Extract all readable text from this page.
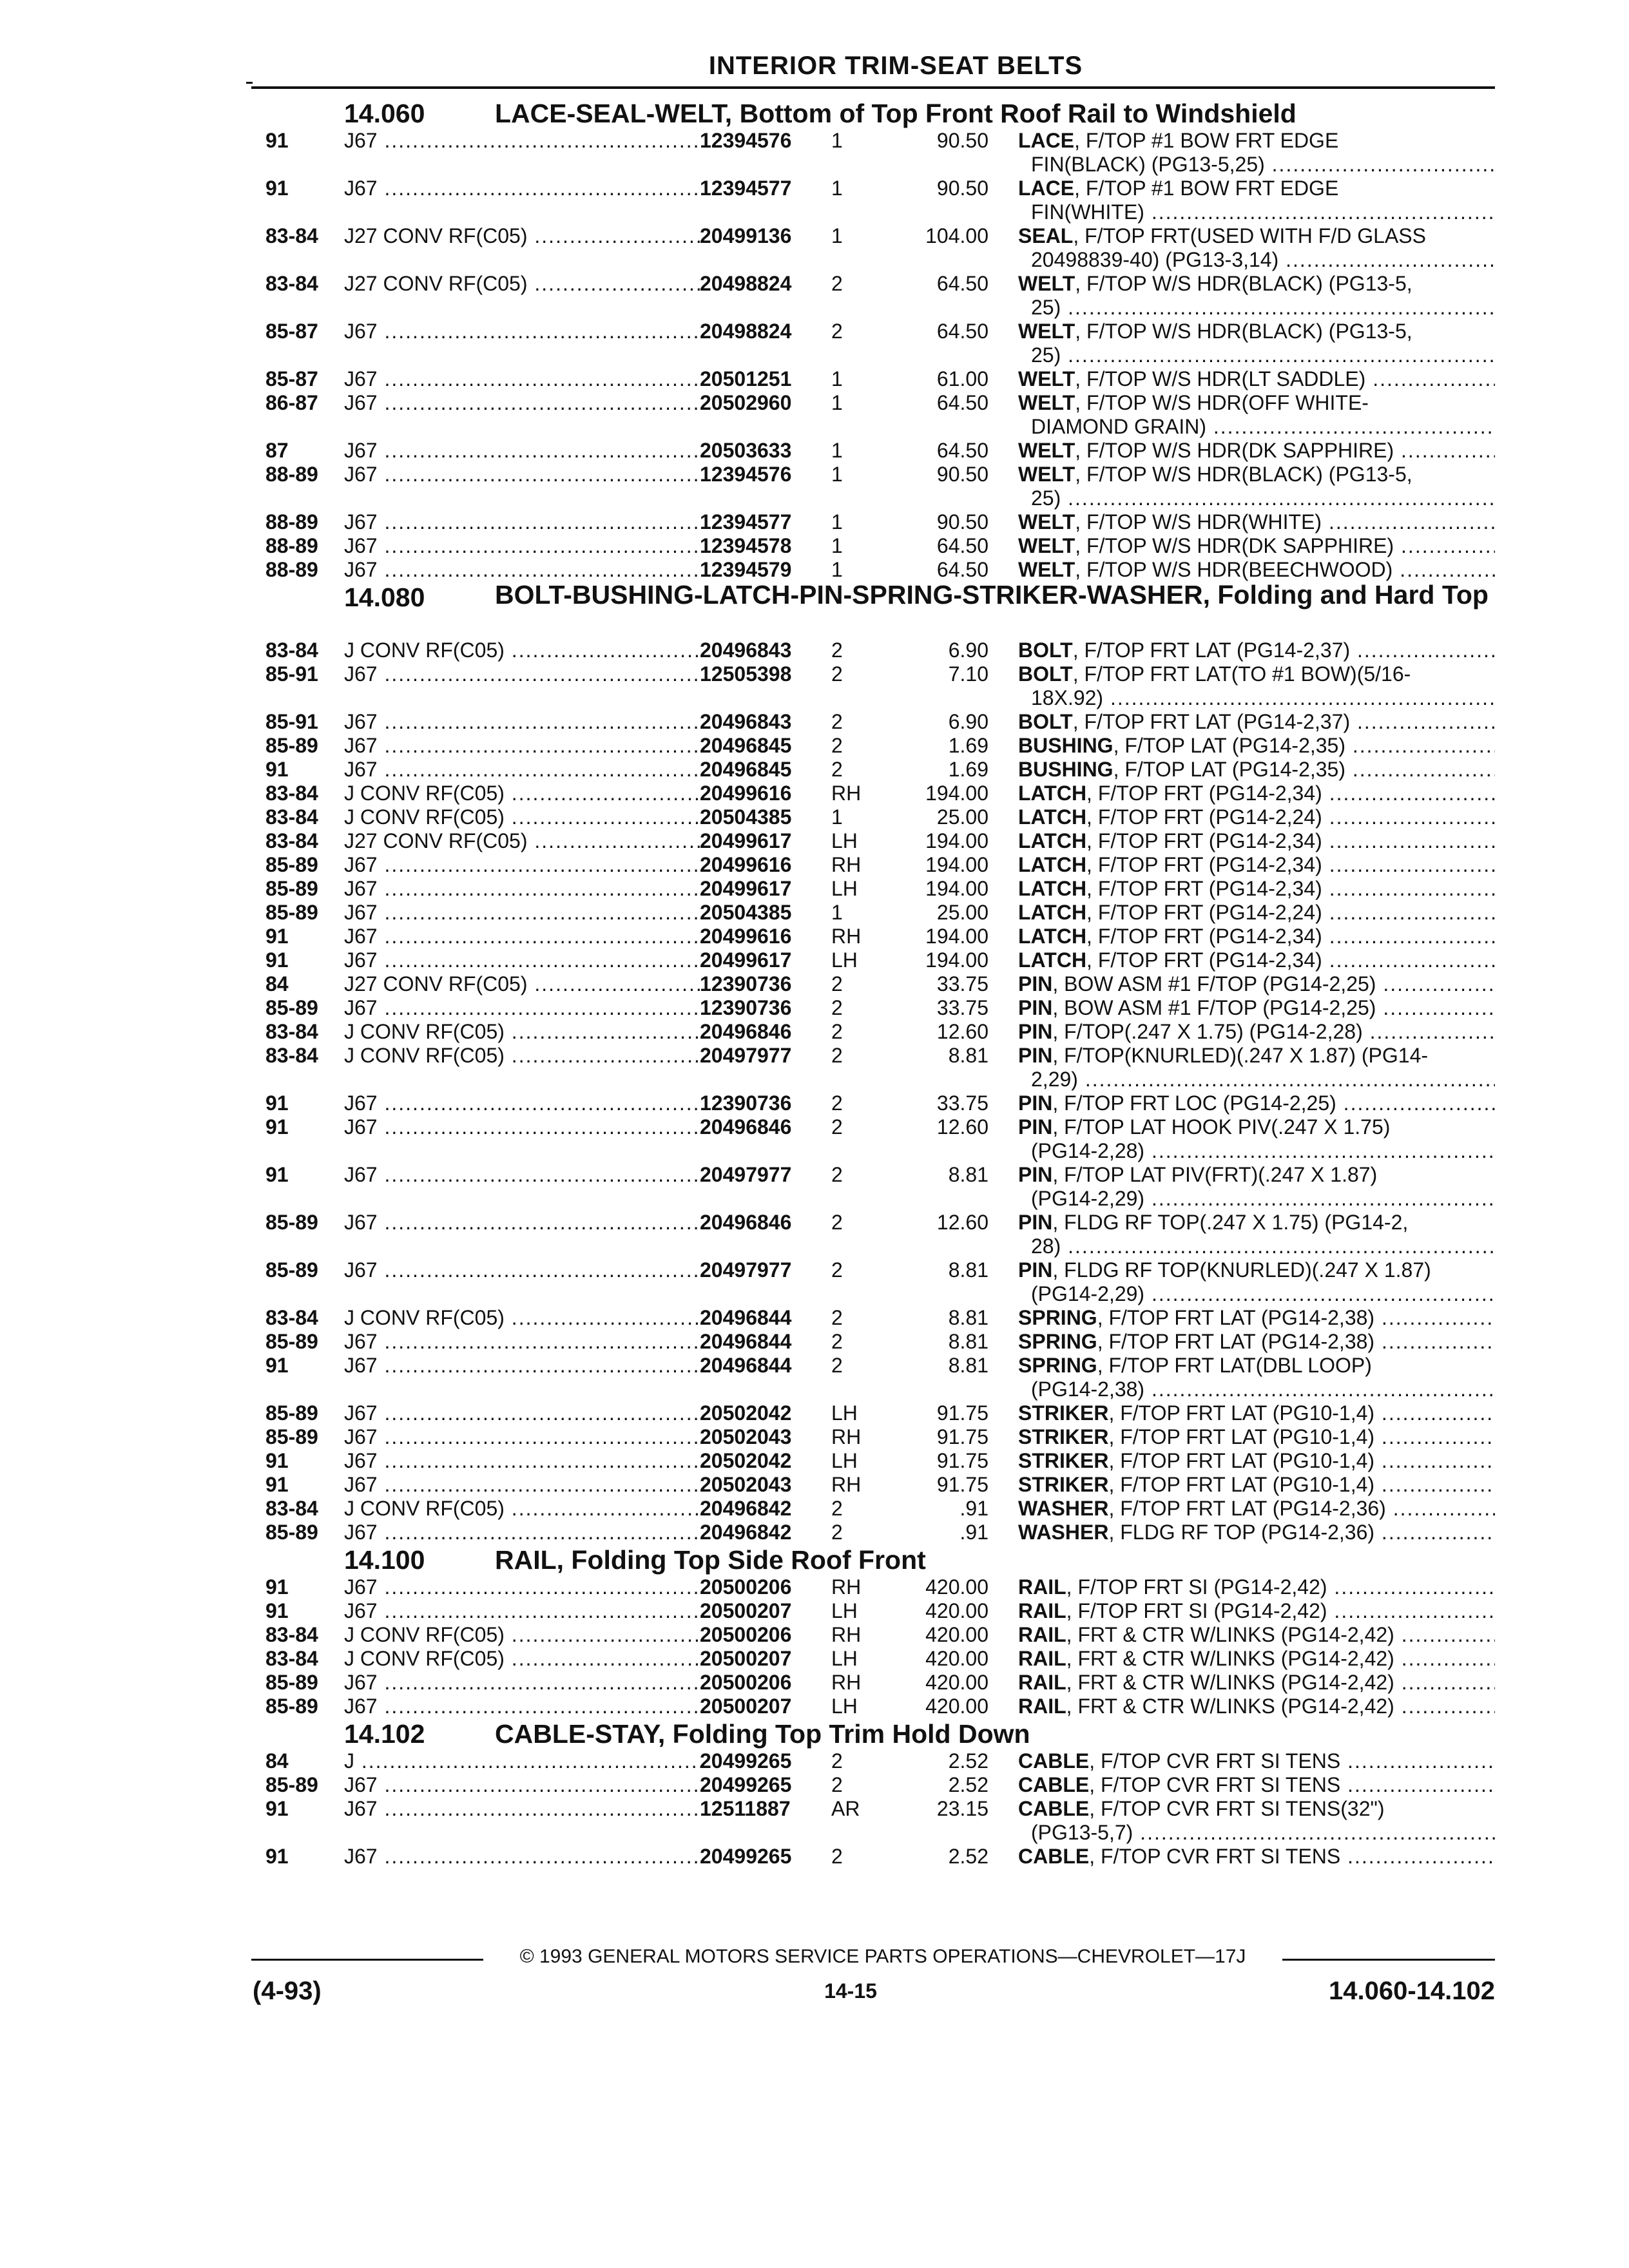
INTERIOR TRIM-SEAT BELTS
14.060	LACE-SEAL-WELT, Bottom of Top Front Roof Rail to Windshield
91	J67 .....	12394576	1	90.50 LACE, F/TOP #1 BOW FRT EDGE
FIN(BLACK) (PG13-5,25) .....
91	J67 .....	12394577	1	90.50 LACE, F/TOP #1 BOW FRT EDGE
FIN(WHITE) .....
83-84	J27 CONV RF(C05) .....	20499136	1	104.00 SEAL, F/TOP FRT(USED WITH F/D GLASS
20498839-40) (PG13-3,14) .....
83-84	J27 CONV RF(C05) .....	20498824	2	64.50 WELT, F/TOP W/S HDR(BLACK) (PG13-5,
25) .....
85-87	J67 .....	20498824	2	64.50 WELT, F/TOP W/S HDR(BLACK) (PG13-5,
25) .....
85-87	J67 .....	20501251	1	61.00 WELT, F/TOP W/S HDR(LT SADDLE) .....
86-87	J67 .....	20502960	1	64.50 WELT, F/TOP W/S HDR(OFF WHITE-
DIAMOND GRAIN) .....
87	J67 .....	20503633	1	64.50 WELT, F/TOP W/S HDR(DK SAPPHIRE) .....
88-89	J67 .....	12394576	1	90.50 WELT, F/TOP W/S HDR(BLACK) (PG13-5,
25) .....
88-89	J67 .....	12394577	1	90.50 WELT, F/TOP W/S HDR(WHITE) .....
88-89	J67 .....	12394578	1	64.50 WELT, F/TOP W/S HDR(DK SAPPHIRE) .....
88-89	J67 .....	12394579	1	64.50 WELT, F/TOP W/S HDR(BEECHWOOD) .....
14.080	BOLT-BUSHING-LATCH-PIN-SPRING-STRIKER-WASHER, Folding and Hard Top
83-84	J CONV RF(C05) .....	20496843	2	6.90 BOLT, F/TOP FRT LAT (PG14-2,37) .....
85-91	J67 .....	12505398	2	7.10 BOLT, F/TOP FRT LAT(TO #1 BOW)(5/16-
18X.92) .....
85-91	J67 .....	20496843	2	6.90 BOLT, F/TOP FRT LAT (PG14-2,37) .....
85-89	J67 .....	20496845	2	1.69 BUSHING, F/TOP LAT (PG14-2,35) .....
91	J67 .....	20496845	2	1.69 BUSHING, F/TOP LAT (PG14-2,35) .....
83-84	J CONV RF(C05) .....	20499616	RH	194.00 LATCH, F/TOP FRT (PG14-2,34) .....
83-84	J CONV RF(C05) .....	20504385	1	25.00 LATCH, F/TOP FRT (PG14-2,24) .....
83-84	J27 CONV RF(C05) .....	20499617	LH	194.00 LATCH, F/TOP FRT (PG14-2,34) .....
85-89	J67 .....	20499616	RH	194.00 LATCH, F/TOP FRT (PG14-2,34) .....
85-89	J67 .....	20499617	LH	194.00 LATCH, F/TOP FRT (PG14-2,34) .....
85-89	J67 .....	20504385	1	25.00 LATCH, F/TOP FRT (PG14-2,24) .....
91	J67 .....	20499616	RH	194.00 LATCH, F/TOP FRT (PG14-2,34) .....
91	J67 .....	20499617	LH	194.00 LATCH, F/TOP FRT (PG14-2,34) .....
84	J27 CONV RF(C05) .....	12390736	2	33.75 PIN, BOW ASM #1 F/TOP (PG14-2,25) .....
85-89	J67 .....	12390736	2	33.75 PIN, BOW ASM #1 F/TOP (PG14-2,25) .....
83-84	J CONV RF(C05) .....	20496846	2	12.60 PIN, F/TOP(.247 X 1.75) (PG14-2,28) .....
83-84	J CONV RF(C05) .....	20497977	2	8.81 PIN, F/TOP(KNURLED)(.247 X 1.87) (PG14-
2,29) .....
91	J67 .....	12390736	2	33.75 PIN, F/TOP FRT LOC (PG14-2,25) .....
91	J67 .....	20496846	2	12.60 PIN, F/TOP LAT HOOK PIV(.247 X 1.75)
(PG14-2,28) .....
91	J67 .....	20497977	2	8.81 PIN, F/TOP LAT PIV(FRT)(.247 X 1.87)
(PG14-2,29) .....
85-89	J67 .....	20496846	2	12.60 PIN, FLDG RF TOP(.247 X 1.75) (PG14-2,
28) .....
85-89	J67 .....	20497977	2	8.81 PIN, FLDG RF TOP(KNURLED)(.247 X 1.87)
(PG14-2,29) .....
83-84	J CONV RF(C05) .....	20496844	2	8.81 SPRING, F/TOP FRT LAT (PG14-2,38) .....
85-89	J67 .....	20496844	2	8.81 SPRING, F/TOP FRT LAT (PG14-2,38) .....
91	J67 .....	20496844	2	8.81 SPRING, F/TOP FRT LAT(DBL LOOP)
(PG14-2,38) .....
85-89	J67 .....	20502042	LH	91.75 STRIKER, F/TOP FRT LAT (PG10-1,4) .....
85-89	J67 .....	20502043	RH	91.75 STRIKER, F/TOP FRT LAT (PG10-1,4) .....
91	J67 .....	20502042	LH	91.75 STRIKER, F/TOP FRT LAT (PG10-1,4) .....
91	J67 .....	20502043	RH	91.75 STRIKER, F/TOP FRT LAT (PG10-1,4) .....
83-84	J CONV RF(C05) .....	20496842	2	.91 WASHER, F/TOP FRT LAT (PG14-2,36) .....
85-89	J67 .....	20496842	2	.91 WASHER, FLDG RF TOP (PG14-2,36) .....
14.100	RAIL, Folding Top Side Roof Front
91	J67 .....	20500206	RH	420.00 RAIL, F/TOP FRT SI (PG14-2,42) .....
91	J67 .....	20500207	LH	420.00 RAIL, F/TOP FRT SI (PG14-2,42) .....
83-84	J CONV RF(C05) .....	20500206	RH	420.00 RAIL, FRT & CTR W/LINKS (PG14-2,42) .....
83-84	J CONV RF(C05) .....	20500207	LH	420.00 RAIL, FRT & CTR W/LINKS (PG14-2,42) .....
85-89	J67 .....	20500206	RH	420.00 RAIL, FRT & CTR W/LINKS (PG14-2,42) .....
85-89	J67 .....	20500207	LH	420.00 RAIL, FRT & CTR W/LINKS (PG14-2,42) .....
14.102	CABLE-STAY, Folding Top Trim Hold Down
84	J .....	20499265	2	2.52 CABLE, F/TOP CVR FRT SI TENS .....
85-89	J67 .....	20499265	2	2.52 CABLE, F/TOP CVR FRT SI TENS .....
91	J67 .....	12511887	AR	23.15 CABLE, F/TOP CVR FRT SI TENS(32")
(PG13-5,7) .....
91	J67 .....	20499265	2	2.52 CABLE, F/TOP CVR FRT SI TENS .....
© 1993 GENERAL MOTORS SERVICE PARTS OPERATIONS—CHEVROLET—17J
(4-93)	14-15	14.060-14.102
